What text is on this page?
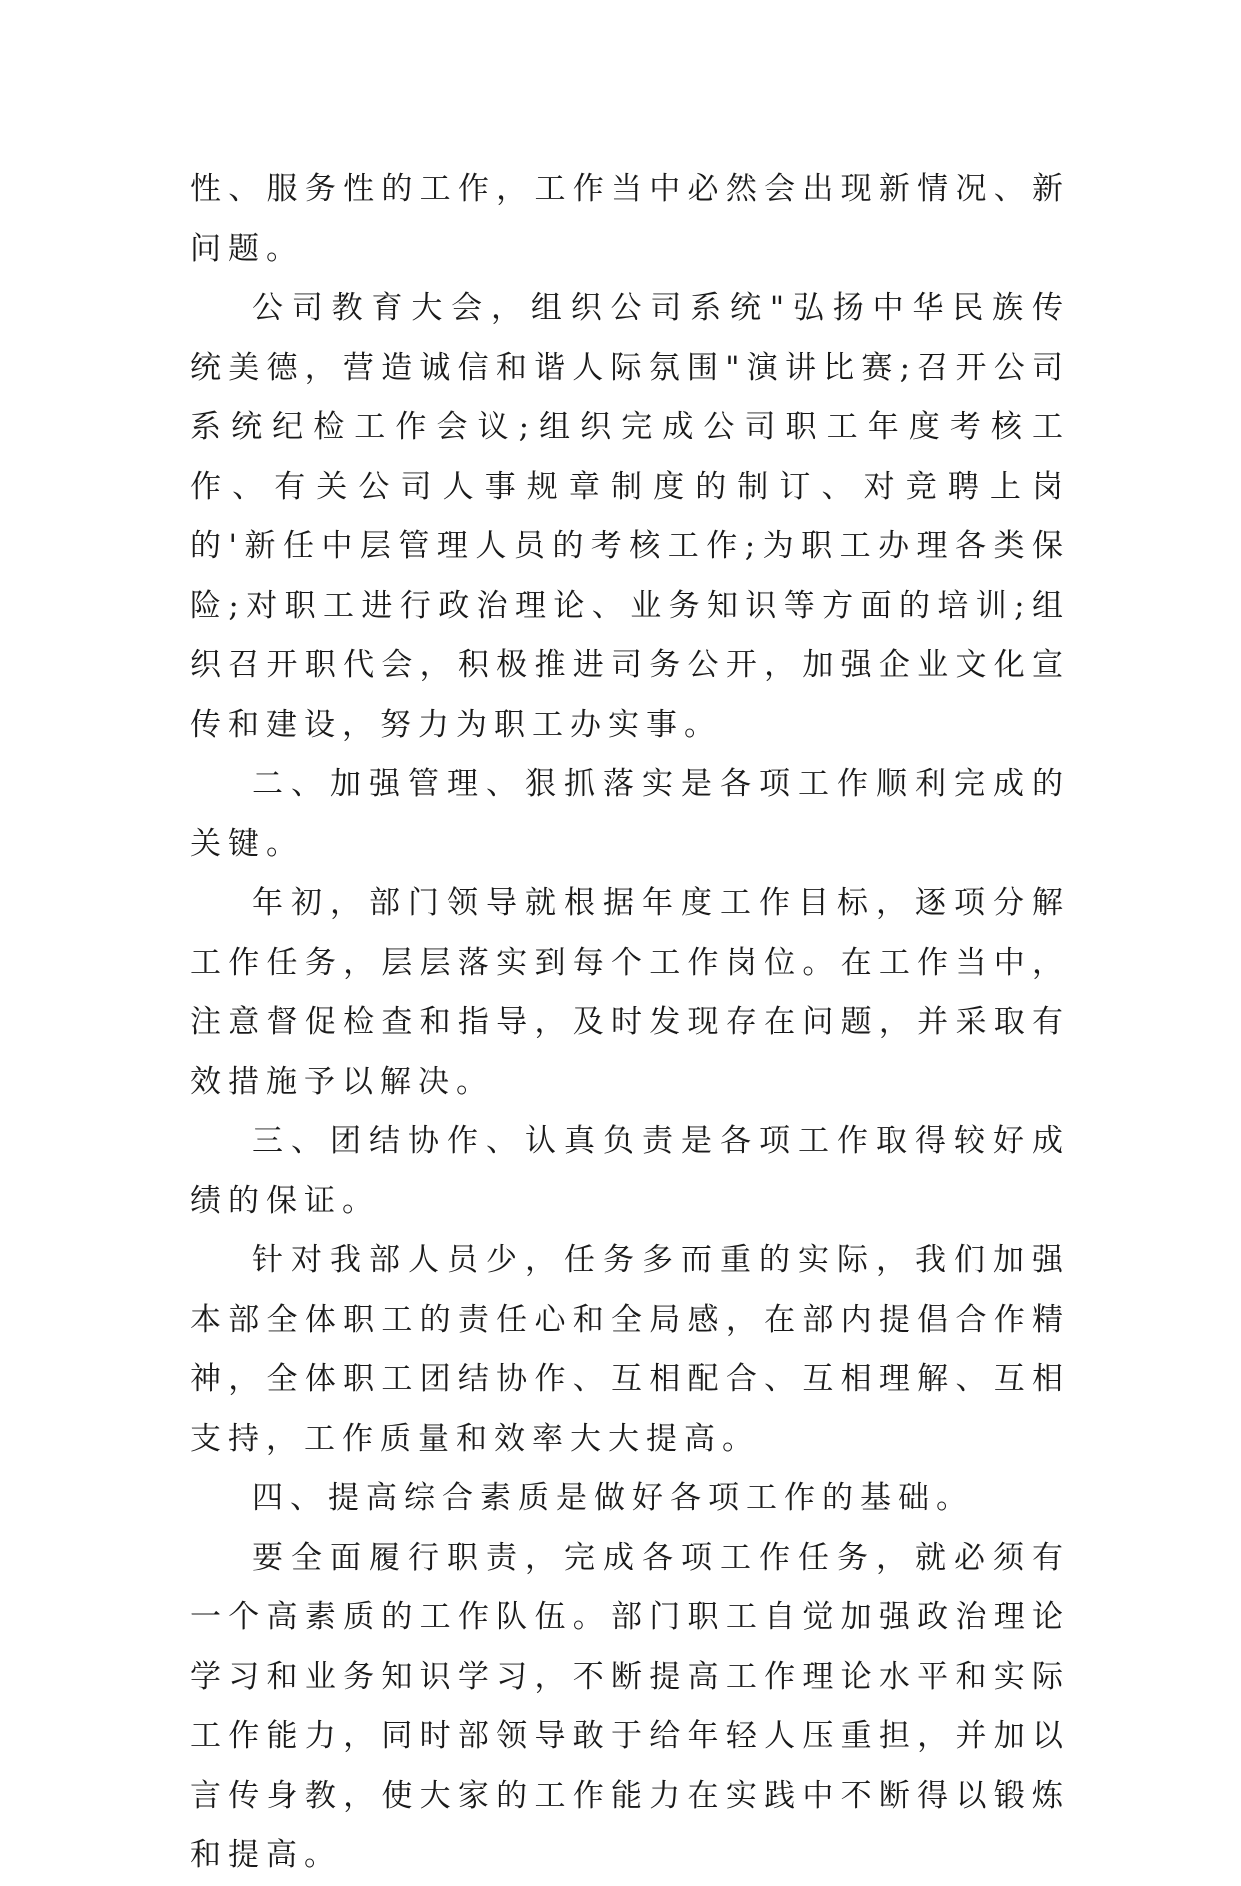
性、服务性的工作，工作当中必然会出现新情况、新问题。

公司教育大会，组织公司系统"弘扬中华民族传统美德，营造诚信和谐人际氛围"演讲比赛;召开公司系统纪检工作会议;组织完成公司职工年度考核工作、有关公司人事规章制度的制订、对竞聘上岗的'新任中层管理人员的考核工作;为职工办理各类保险;对职工进行政治理论、业务知识等方面的培训;组织召开职代会，积极推进司务公开，加强企业文化宣传和建设，努力为职工办实事。

二、加强管理、狠抓落实是各项工作顺利完成的关键。

年初，部门领导就根据年度工作目标，逐项分解工作任务，层层落实到每个工作岗位。在工作当中，注意督促检查和指导，及时发现存在问题，并采取有效措施予以解决。

三、团结协作、认真负责是各项工作取得较好成绩的保证。

针对我部人员少，任务多而重的实际，我们加强本部全体职工的责任心和全局感，在部内提倡合作精神，全体职工团结协作、互相配合、互相理解、互相支持，工作质量和效率大大提高。

四、提高综合素质是做好各项工作的基础。

要全面履行职责，完成各项工作任务，就必须有一个高素质的工作队伍。部门职工自觉加强政治理论学习和业务知识学习，不断提高工作理论水平和实际工作能力，同时部领导敢于给年轻人压重担，并加以言传身教，使大家的工作能力在实践中不断得以锻炼和提高。
